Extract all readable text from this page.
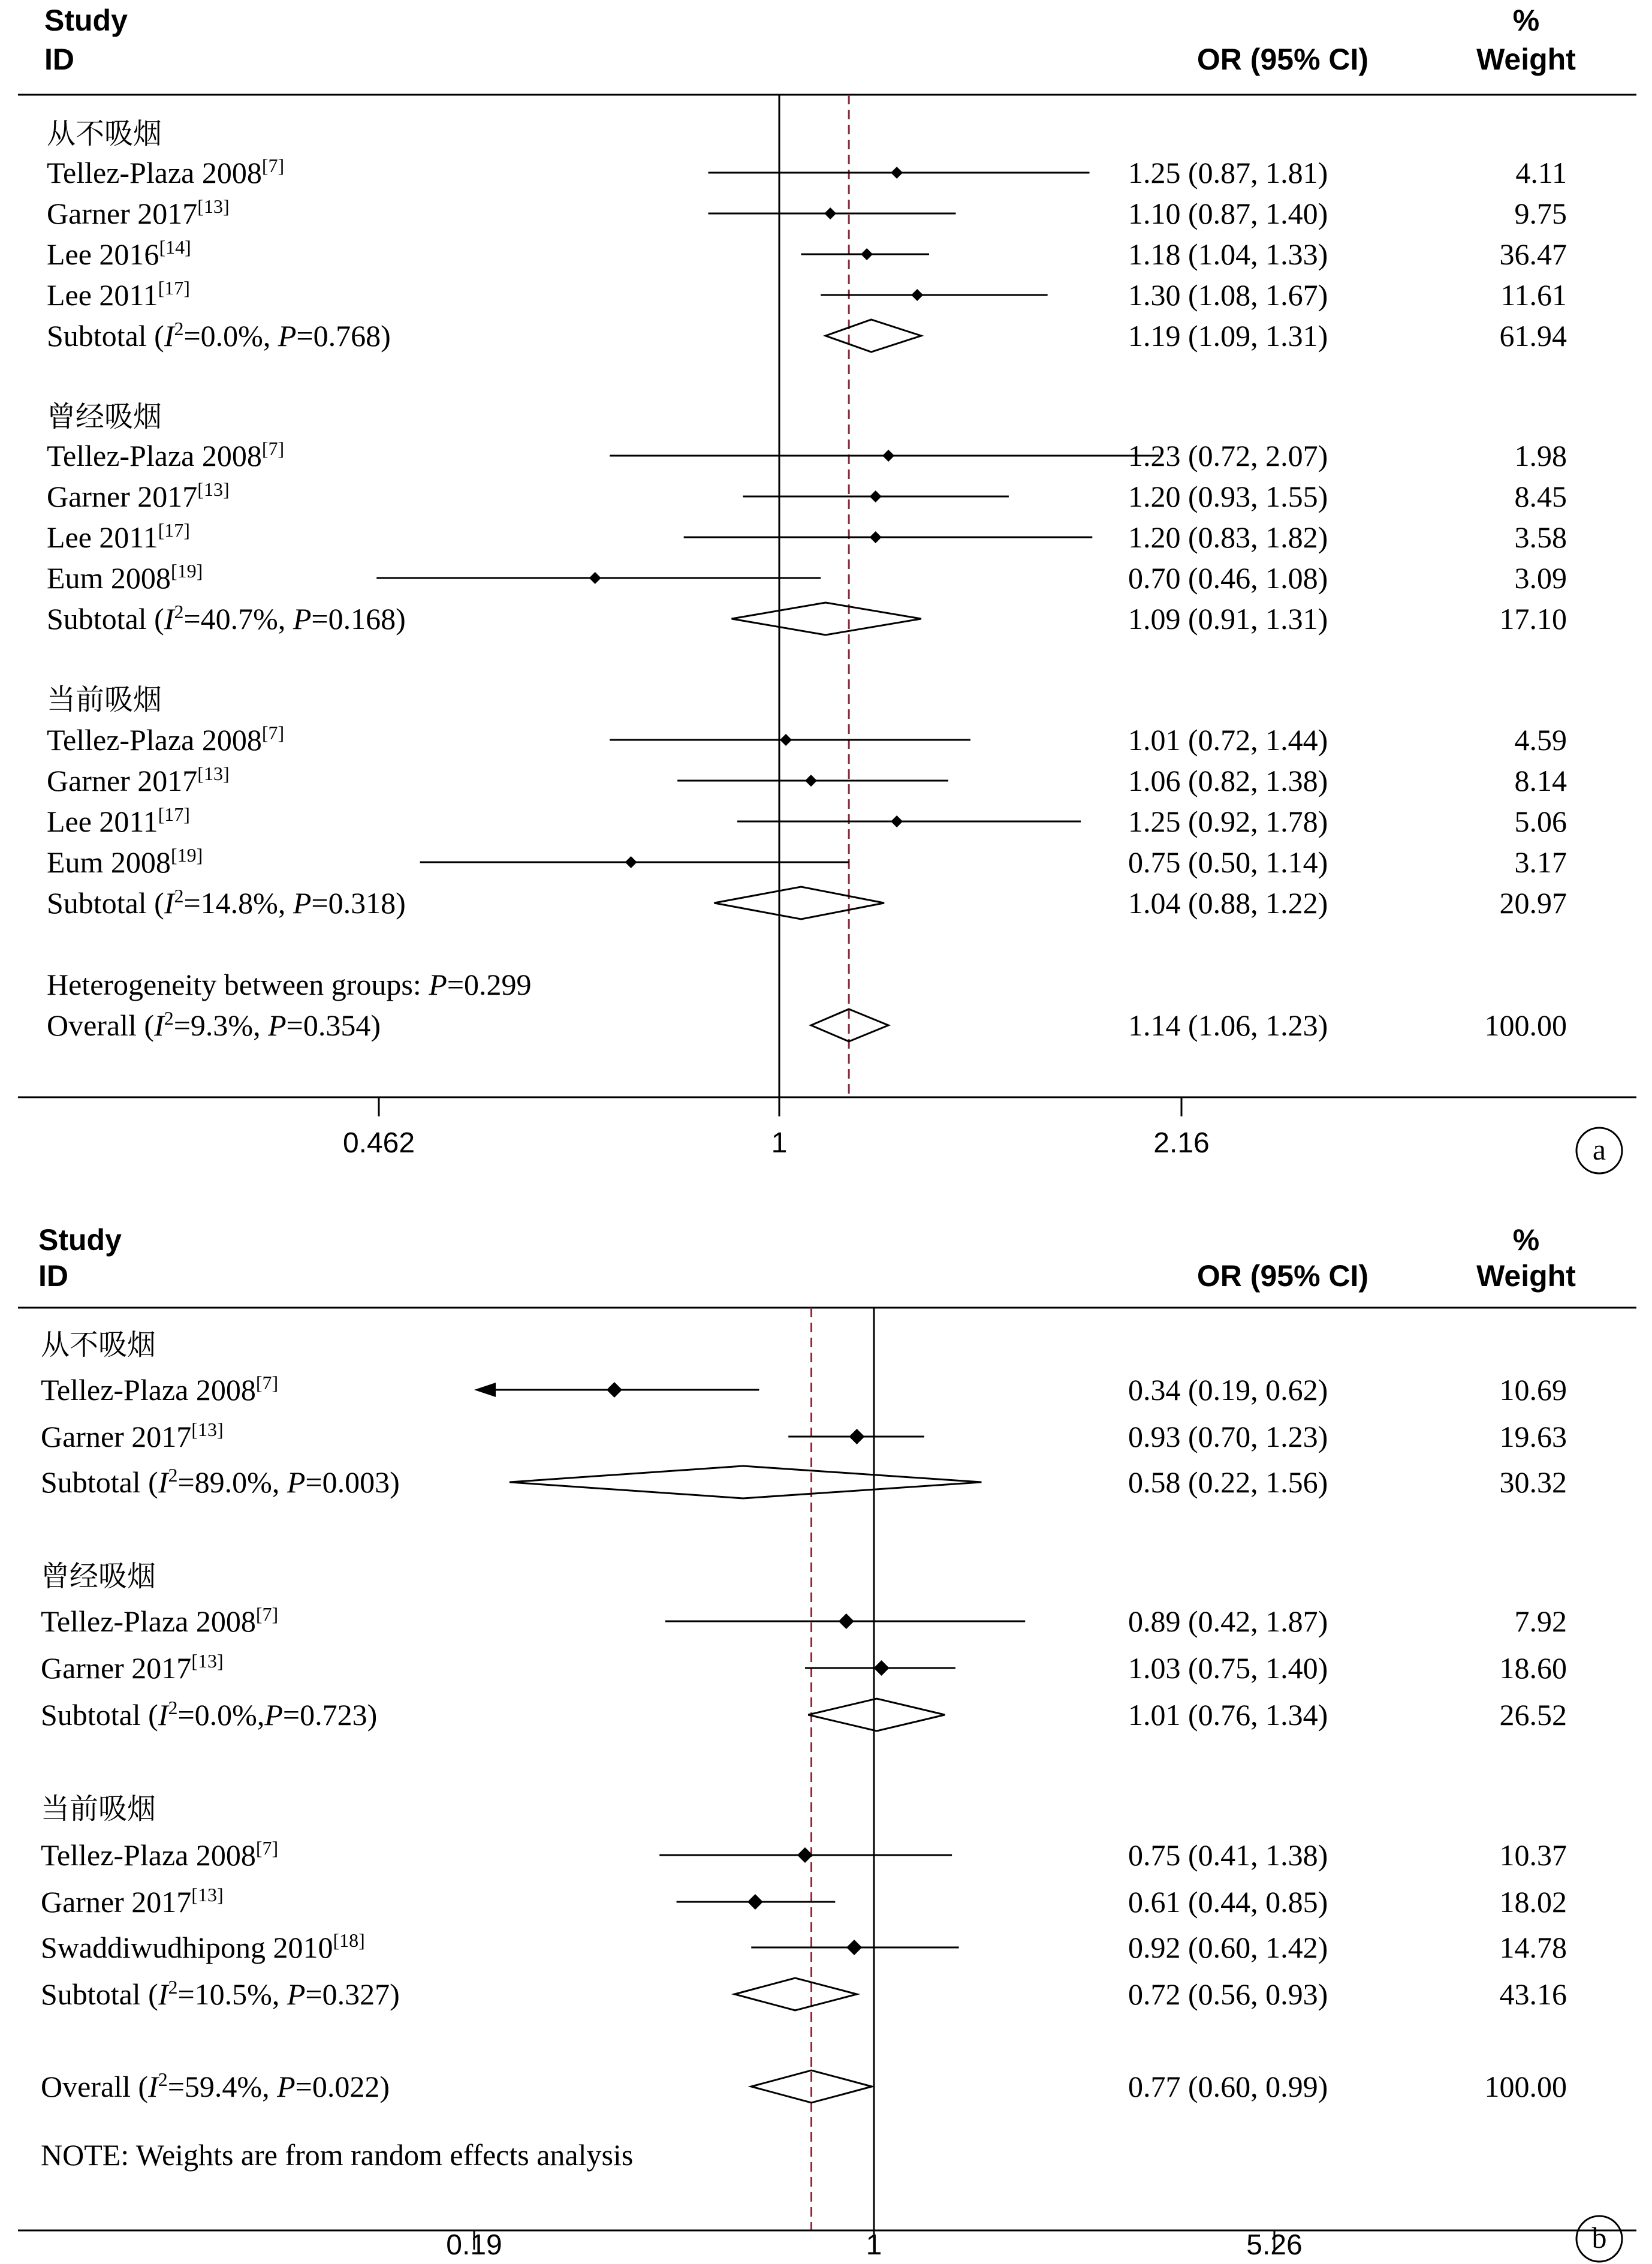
Study
ID	OR (95% CI)
%
Weight
0.462	1	2.16	a
从不吸烟
Tellez-Plaza 2008[7]	1.25 (0.87, 1.81)	4.11
Garner 2017[13]	1.10 (0.87, 1.40)	9.75
Lee 2016[14]	1.18 (1.04, 1.33)	36.47
Lee 2011[17]	1.30 (1.08, 1.67)	11.61
Subtotal ($I^2=0.0\%$, P=0.768)	1.19 (1.09, 1.31)	61.94
曾经吸烟
Tellez-Plaza 2008[7]	1.23 (0.72, 2.07)	1.98
Garner 2017[13]	1.20 (0.93, 1.55)	8.45
Lee 2011[17]	1.20 (0.83, 1.82)	3.58
Eum 2008[19]	0.70 (0.46, 1.08)	3.09
Subtotal ($I^2=40.7\%$, P=0.168)	1.09 (0.91, 1.31)	17.10
当前吸烟
Tellez-Plaza 2008[7]	1.01 (0.72, 1.44)	4.59
Garner 2017[13]	1.06 (0.82, 1.38)	8.14
Lee 2011[17]	1.25 (0.92, 1.78)	5.06
Eum 2008[19]	0.75 (0.50, 1.14)	3.17
Subtotal ($I^2=14.8\%$, P=0.318)	1.04 (0.88, 1.22)	20.97
Heterogeneity between groups: P=0.299
Overall ($I^2=9.3\%$, P=0.354)	1.14 (1.06, 1.23)	100.00
Study
ID	OR (95% CI)
%
Weight
0.19	1	5.26	b
从不吸烟
Tellez-Plaza 2008[7]	0.34 (0.19, 0.62)	10.69
Garner 2017[13]	0.93 (0.70, 1.23)	19.63
Subtotal ($I^2=89.0\%$, P=0.003)	0.58 (0.22, 1.56)	30.32
曾经吸烟
Tellez-Plaza 2008[7]	0.89 (0.42, 1.87)	7.92
Garner 2017[13]	1.03 (0.75, 1.40)	18.60
Subtotal $(I^2=0.0\%,P=0.723)$	1.01 (0.76, 1.34)	26.52
当前吸烟
Tellez-Plaza 2008[7]	0.75 (0.41, 1.38)	10.37
Garner 2017[13]	0.61 (0.44, 0.85)	18.02
Swaddiwudhipong 2010[18]	0.92 (0.60, 1.42)	14.78
Subtotal ($I^2=10.5\%$, P=0.327)	0.72 (0.56, 0.93)	43.16
Overall ($I^2=59.4\%$, P=0.022)	0.77 (0.60, 0.99)	100.00
NOTE: Weights are from random effects analysis
